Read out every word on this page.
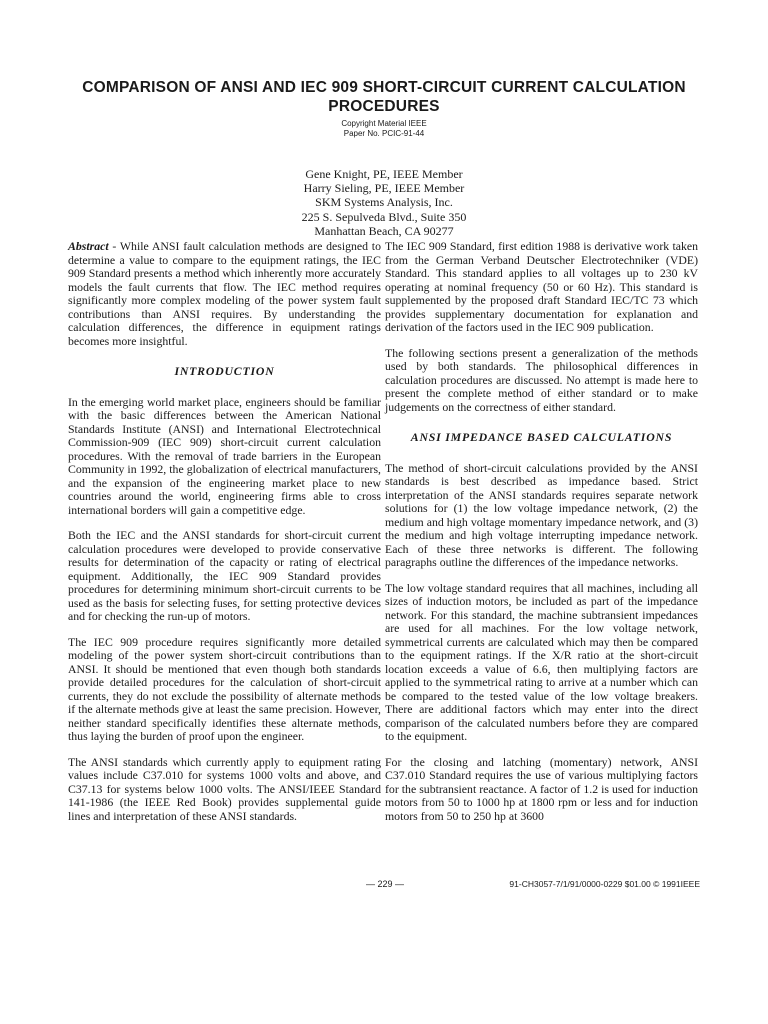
COMPARISON OF ANSI AND IEC 909 SHORT-CIRCUIT CURRENT CALCULATION PROCEDURES
Copyright Material IEEE
Paper No. PCIC-91-44
Gene Knight, PE, IEEE Member
Harry Sieling, PE, IEEE Member
SKM Systems Analysis, Inc.
225 S. Sepulveda Blvd., Suite 350
Manhattan Beach, CA 90277

Abstract - While ANSI fault calculation methods are designed to determine a value to compare to the equipment ratings, the IEC 909 Standard presents a method which inherently more accurately models the fault currents that flow. The IEC method requires significantly more complex modeling of the power system fault contributions than ANSI requires. By understanding the calculation differences, the difference in equipment ratings becomes more insightful.

INTRODUCTION

In the emerging world market place, engineers should be familiar with the basic differences between the American National Standards Institute (ANSI) and International Electrotechnical Commission-909 (IEC 909) short-circuit current calculation procedures. With the removal of trade barriers in the European Community in 1992, the globalization of electrical manufacturers, and the expansion of the engineering market place to new countries around the world, engineering firms able to cross international borders will gain a competitive edge.

Both the IEC and the ANSI standards for short-circuit current calculation procedures were developed to provide conservative results for determination of the capacity or rating of electrical equipment. Additionally, the IEC 909 Standard provides procedures for determining minimum short-circuit currents to be used as the basis for selecting fuses, for setting protective devices and for checking the run-up of motors.

The IEC 909 procedure requires significantly more detailed modeling of the power system short-circuit contributions than ANSI. It should be mentioned that even though both standards provide detailed procedures for the calculation of short-circuit currents, they do not exclude the possibility of alternate methods if the alternate methods give at least the same precision. However, neither standard specifically identifies these alternate methods, thus laying the burden of proof upon the engineer.

The ANSI standards which currently apply to equipment rating values include C37.010 for systems 1000 volts and above, and C37.13 for systems below 1000 volts. The ANSI/IEEE Standard 141-1986 (the IEEE Red Book) provides supplemental guide lines and interpretation of these ANSI standards.

The IEC 909 Standard, first edition 1988 is derivative work taken from the German Verband Deutscher Electrotechniker (VDE) Standard. This standard applies to all voltages up to 230 kV operating at nominal frequency (50 or 60 Hz). This standard is supplemented by the proposed draft Standard IEC/TC 73 which provides supplementary documentation for explanation and derivation of the factors used in the IEC 909 publication.

The following sections present a generalization of the methods used by both standards. The philosophical differences in calculation procedures are discussed. No attempt is made here to present the complete method of either standard or to make judgements on the correctness of either standard.

ANSI IMPEDANCE BASED CALCULATIONS

The method of short-circuit calculations provided by the ANSI standards is best described as impedance based. Strict interpretation of the ANSI standards requires separate network solutions for (1) the low voltage impedance network, (2) the medium and high voltage momentary impedance network, and (3) the medium and high voltage interrupting impedance network. Each of these three networks is different. The following paragraphs outline the differences of the impedance networks.

The low voltage standard requires that all machines, including all sizes of induction motors, be included as part of the impedance network. For this standard, the machine subtransient impedances are used for all machines. For the low voltage network, symmetrical currents are calculated which may then be compared to the equipment ratings. If the X/R ratio at the short-circuit location exceeds a value of 6.6, then multiplying factors are applied to the symmetrical rating to arrive at a number which can be compared to the tested value of the low voltage breakers. There are additional factors which may enter into the direct comparison of the calculated numbers before they are compared to the equipment.

For the closing and latching (momentary) network, ANSI C37.010 Standard requires the use of various multiplying factors for the subtransient reactance. A factor of 1.2 is used for induction motors from 50 to 1000 hp at 1800 rpm or less and for induction motors from 50 to 250 hp at 3600

— 229 —	91-CH3057-7/1/91/0000-0229 $01.00 © 1991IEEE
